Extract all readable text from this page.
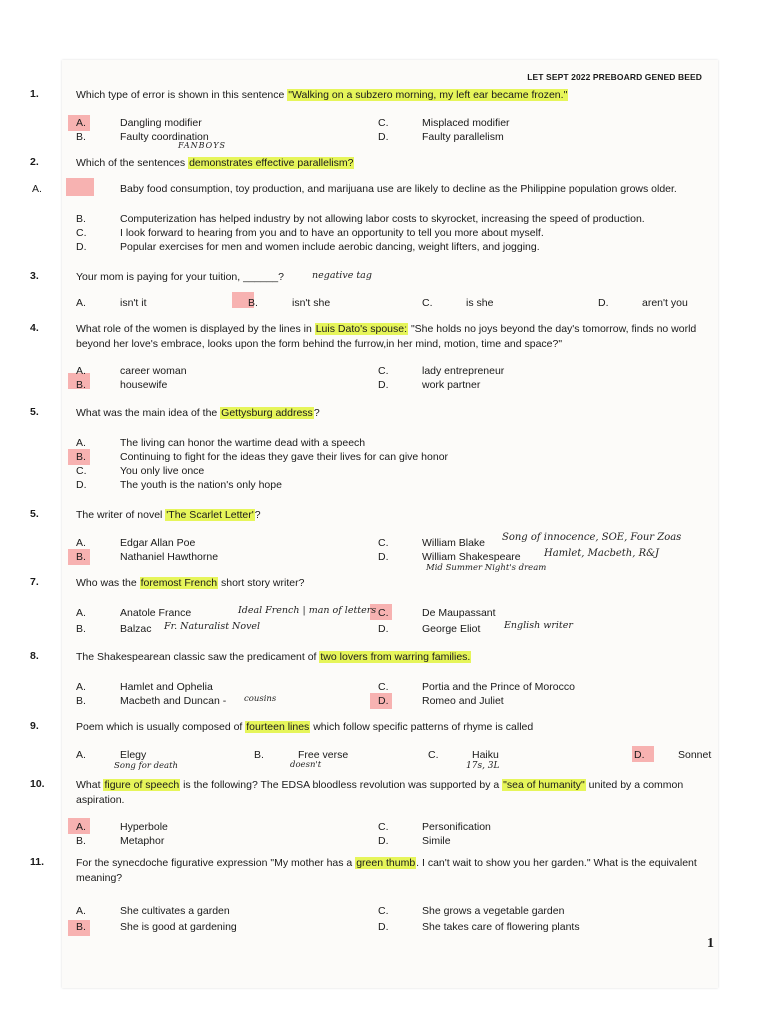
LET SEPT 2022 PREBOARD GENED BEED
1.	Which type of error is shown in this sentence "Walking on a subzero morning, my left ear became frozen."
A.	Dangling modifier
B.	Faulty coordination
C.	Misplaced modifier
D.	Faulty parallelism
FANBOYS
2.	Which of the sentences demonstrates effective parallelism?
A.	Baby food consumption, toy production, and marijuana use are likely to decline as the Philippine population grows older.
B.	Computerization has helped industry by not allowing labor costs to skyrocket, increasing the speed of production.
C.	I look forward to hearing from you and to have an opportunity to tell you more about myself.
D.	Popular exercises for men and women include aerobic dancing, weight lifters, and jogging.
3.	Your mom is paying for your tuition, ______?	negative tag
A.	isn't it	B.	isn't she	C.	is she	D.	aren't you
4.	What role of the women is displayed by the lines in Luis Dato's spouse: "She holds no joys beyond the day's tomorrow, finds no world beyond her love's embrace, looks upon the form behind the furrow,in her mind, motion, time and space?"
A.	career woman
B.	housewife
C.	lady entrepreneur
D.	work partner
5.	What was the main idea of the Gettysburg address?
A.	The living can honor the wartime dead with a speech
B.	Continuing to fight for the ideas they gave their lives for can give honor
C.	You only live once
D.	The youth is the nation's only hope
5.	The writer of novel 'The Scarlet Letter'?
A.	Edgar Allan Poe
B.	Nathaniel Hawthorne
C.	William Blake
D.	William Shakespeare
Song of innocence, SOE, Four Zoas
Hamlet, Macbeth, R&J
Mid Summer Night's dream
7.	Who was the foremost French short story writer?
A.	Anatole France
B.	Balzac
C.	De Maupassant
D.	George Eliot
Ideal French | man of letters
Fr. Naturalist Novel	English writer
8.	The Shakespearean classic saw the predicament of two lovers from warring families.
A.	Hamlet and Ophelia
B.	Macbeth and Duncan - cousins
C.	Portia and the Prince of Morocco
D.	Romeo and Juliet
9.	Poem which is usually composed of fourteen lines which follow specific patterns of rhyme is called
A.	Elegy	B.	Free verse	C.	Haiku	D.	Sonnet
Song for death	doesn't	17s, 3L
10.	What figure of speech is the following? The EDSA bloodless revolution was supported by a "sea of humanity" united by a common aspiration.
A.	Hyperbole
B.	Metaphor
C.	Personification
D.	Simile
11.	For the synecdoche figurative expression "My mother has a green thumb. I can't wait to show you her garden." What is the equivalent meaning?
A.	She cultivates a garden
B.	She is good at gardening
C.	She grows a vegetable garden
D.	She takes care of flowering plants
1
